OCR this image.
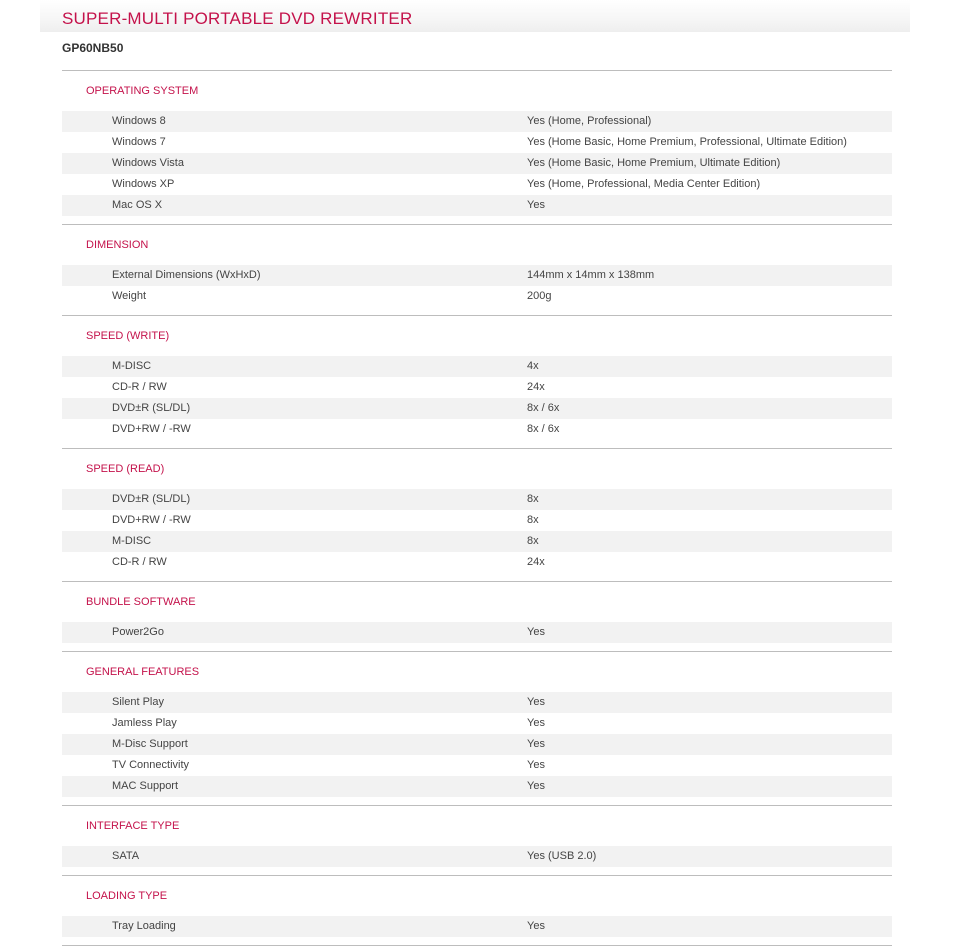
SUPER-MULTI PORTABLE DVD REWRITER
GP60NB50
OPERATING SYSTEM
Windows 8	Yes (Home, Professional)
Windows 7	Yes (Home Basic, Home Premium, Professional, Ultimate Edition)
Windows Vista	Yes (Home Basic, Home Premium, Ultimate Edition)
Windows XP	Yes (Home, Professional, Media Center Edition)
Mac OS X	Yes
DIMENSION
External Dimensions (WxHxD)	144mm x 14mm x 138mm
Weight	200g
SPEED (WRITE)
M-DISC	4x
CD-R / RW	24x
DVD±R (SL/DL)	8x / 6x
DVD+RW / -RW	8x / 6x
SPEED (READ)
DVD±R (SL/DL)	8x
DVD+RW / -RW	8x
M-DISC	8x
CD-R / RW	24x
BUNDLE SOFTWARE
Power2Go	Yes
GENERAL FEATURES
Silent Play	Yes
Jamless Play	Yes
M-Disc Support	Yes
TV Connectivity	Yes
MAC Support	Yes
INTERFACE TYPE
SATA	Yes (USB 2.0)
LOADING TYPE
Tray Loading	Yes
